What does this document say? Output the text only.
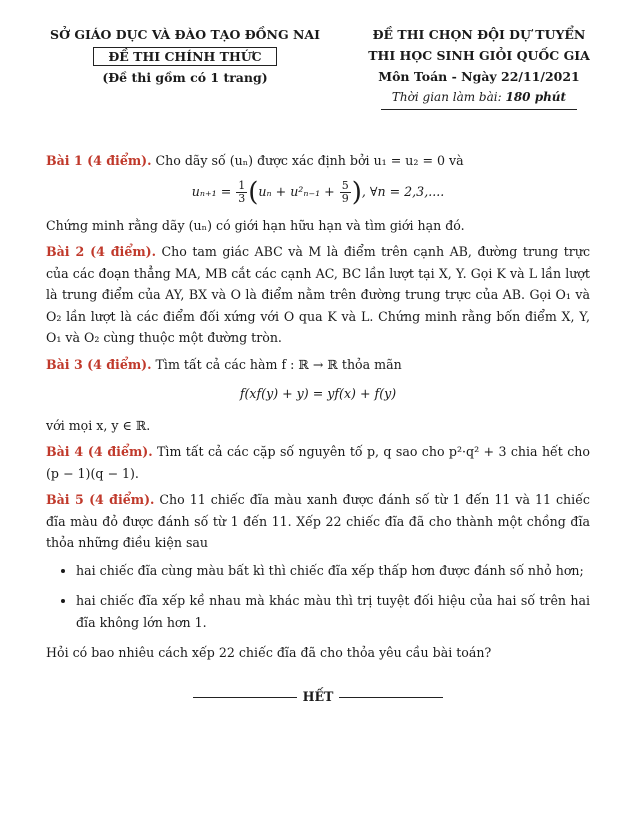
SỞ GIÁO DỤC VÀ ĐÀO TẠO ĐỒNG NAI
ĐỀ THI CHÍNH THỨC
(Đề thi gồm có 1 trang)
ĐỀ THI CHỌN ĐỘI DỰ TUYỂN
THI HỌC SINH GIỎI QUỐC GIA
Môn Toán - Ngày 22/11/2021
Thời gian làm bài: 180 phút

Bài 1 (4 điểm). Cho dãy số (uₙ) được xác định bởi u₁ = u₂ = 0 và

$u_{n+1} = \frac{1}{3} (u_n + u^2_{n-1} + \frac{5}{9}$ ), ∀n = 2,3,....

Chứng minh rằng dãy (uₙ) có giới hạn hữu hạn và tìm giới hạn đó.

Bài 2 (4 điểm). Cho tam giác ABC và M là điểm trên cạnh AB, đường trung trực của các đoạn thẳng MA, MB cắt các cạnh AC, BC lần lượt tại X, Y. Gọi K và L lần lượt là trung điểm của AY, BX và O là điểm nằm trên đường trung trực của AB. Gọi O₁ và O₂ lần lượt là các điểm đối xứng với O qua K và L. Chứng minh rằng bốn điểm X, Y, O₁ và O₂ cùng thuộc một đường tròn.

Bài 3 (4 điểm). Tìm tất cả các hàm f : ℝ → ℝ thỏa mãn

f(xf(y) + y) = yf(x) + f(y)

với mọi x, y ∈ ℝ.

Bài 4 (4 điểm). Tìm tất cả các cặp số nguyên tố p, q sao cho p²·q² + 3 chia hết cho (p − 1)(q − 1).

Bài 5 (4 điểm). Cho 11 chiếc đĩa màu xanh được đánh số từ 1 đến 11 và 11 chiếc đĩa màu đỏ được đánh số từ 1 đến 11. Xếp 22 chiếc đĩa đã cho thành một chồng đĩa thỏa những điều kiện sau

• hai chiếc đĩa cùng màu bất kì thì chiếc đĩa xếp thấp hơn được đánh số nhỏ hơn;
• hai chiếc đĩa xếp kề nhau mà khác màu thì trị tuyệt đối hiệu của hai số trên hai đĩa không lớn hơn 1.

Hỏi có bao nhiêu cách xếp 22 chiếc đĩa đã cho thỏa yêu cầu bài toán?

HẾT
